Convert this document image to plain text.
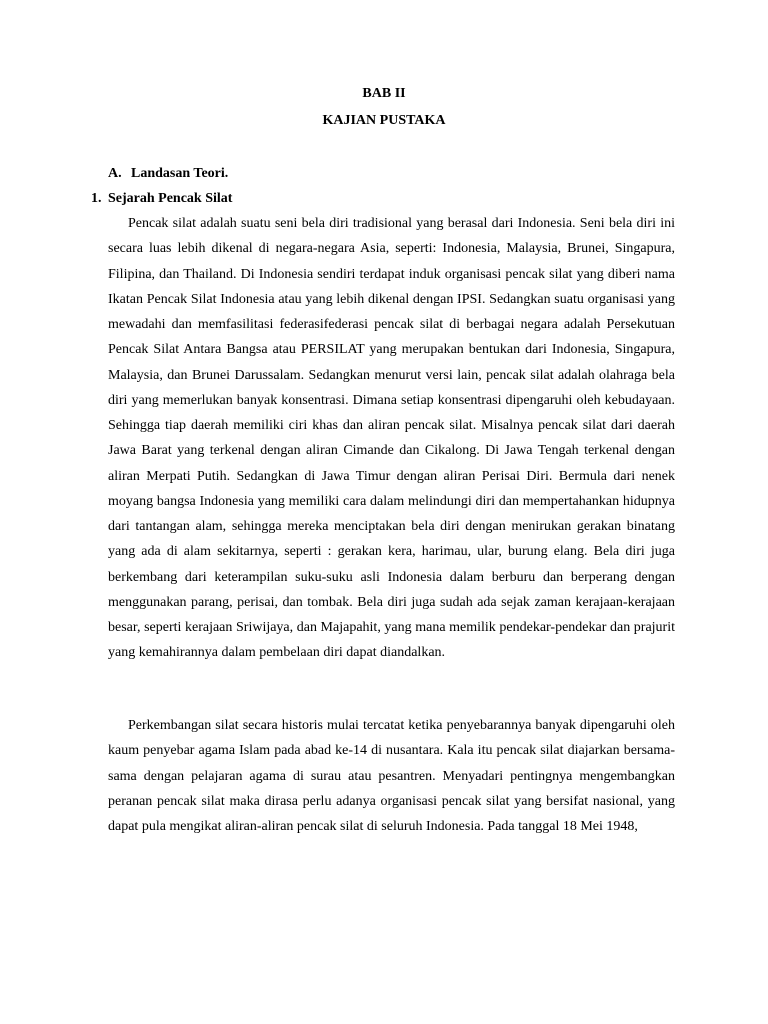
BAB II
KAJIAN PUSTAKA
A. Landasan Teori.
1. Sejarah Pencak Silat

Pencak silat adalah suatu seni bela diri tradisional yang berasal dari Indonesia. Seni bela diri ini secara luas lebih dikenal di negara-negara Asia, seperti: Indonesia, Malaysia, Brunei, Singapura, Filipina, dan Thailand. Di Indonesia sendiri terdapat induk organisasi pencak silat yang diberi nama Ikatan Pencak Silat Indonesia atau yang lebih dikenal dengan IPSI. Sedangkan suatu organisasi yang mewadahi dan memfasilitasi federasifederasi pencak silat di berbagai negara adalah Persekutuan Pencak Silat Antara Bangsa atau PERSILAT yang merupakan bentukan dari Indonesia, Singapura, Malaysia, dan Brunei Darussalam. Sedangkan menurut versi lain, pencak silat adalah olahraga bela diri yang memerlukan banyak konsentrasi. Dimana setiap konsentrasi dipengaruhi oleh kebudayaan. Sehingga tiap daerah memiliki ciri khas dan aliran pencak silat. Misalnya pencak silat dari daerah Jawa Barat yang terkenal dengan aliran Cimande dan Cikalong. Di Jawa Tengah terkenal dengan aliran Merpati Putih. Sedangkan di Jawa Timur dengan aliran Perisai Diri. Bermula dari nenek moyang bangsa Indonesia yang memiliki cara dalam melindungi diri dan mempertahankan hidupnya dari tantangan alam, sehingga mereka menciptakan bela diri dengan menirukan gerakan binatang yang ada di alam sekitarnya, seperti : gerakan kera, harimau, ular, burung elang. Bela diri juga berkembang dari keterampilan suku-suku asli Indonesia dalam berburu dan berperang dengan menggunakan parang, perisai, dan tombak. Bela diri juga sudah ada sejak zaman kerajaan-kerajaan besar, seperti kerajaan Sriwijaya, dan Majapahit, yang mana memilik pendekar-pendekar dan prajurit yang kemahirannya dalam pembelaan diri dapat diandalkan.

Perkembangan silat secara historis mulai tercatat ketika penyebarannya banyak dipengaruhi oleh kaum penyebar agama Islam pada abad ke-14 di nusantara. Kala itu pencak silat diajarkan bersama-sama dengan pelajaran agama di surau atau pesantren. Menyadari pentingnya mengembangkan peranan pencak silat maka dirasa perlu adanya organisasi pencak silat yang bersifat nasional, yang dapat pula mengikat aliran-aliran pencak silat di seluruh Indonesia. Pada tanggal 18 Mei 1948,
